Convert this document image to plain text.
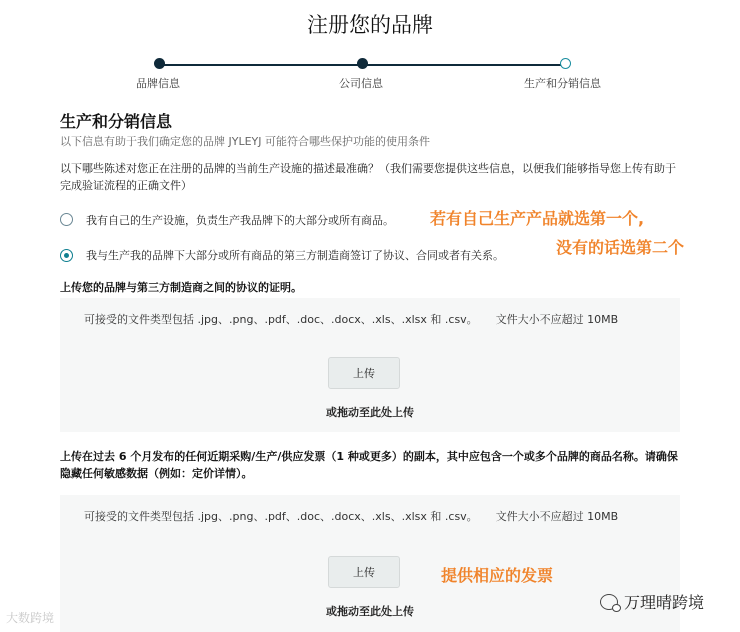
注册您的品牌
品牌信息	公司信息	生产和分销信息
生产和分销信息
以下信息有助于我们确定您的品牌 JYLEYJ 可能符合哪些保护功能的使用条件
以下哪些陈述对您正在注册的品牌的当前生产设施的描述最准确？（我们需要您提供这些信息，以便我们能够指导您上传有助于完成验证流程的正确文件）
我有自己的生产设施，负责生产我品牌下的大部分或所有商品。
我与生产我的品牌下大部分或所有商品的第三方制造商签订了协议、合同或者有关系。
若有自己生产产品就选第一个,
没有的话选第二个
上传您的品牌与第三方制造商之间的协议的证明。
可接受的文件类型包括 .jpg、.png、.pdf、.doc、.docx、.xls、.xlsx 和 .csv。 文件大小不应超过 10MB
上传
或拖动至此处上传
上传在过去 6 个月发布的任何近期采购/生产/供应发票（1 种或更多）的副本，其中应包含一个或多个品牌的商品名称。请确保隐藏任何敏感数据（例如：定价详情）。
可接受的文件类型包括 .jpg、.png、.pdf、.doc、.docx、.xls、.xlsx 和 .csv。 文件大小不应超过 10MB
上传
或拖动至此处上传
提供相应的发票
大数跨境
万理晴跨境
